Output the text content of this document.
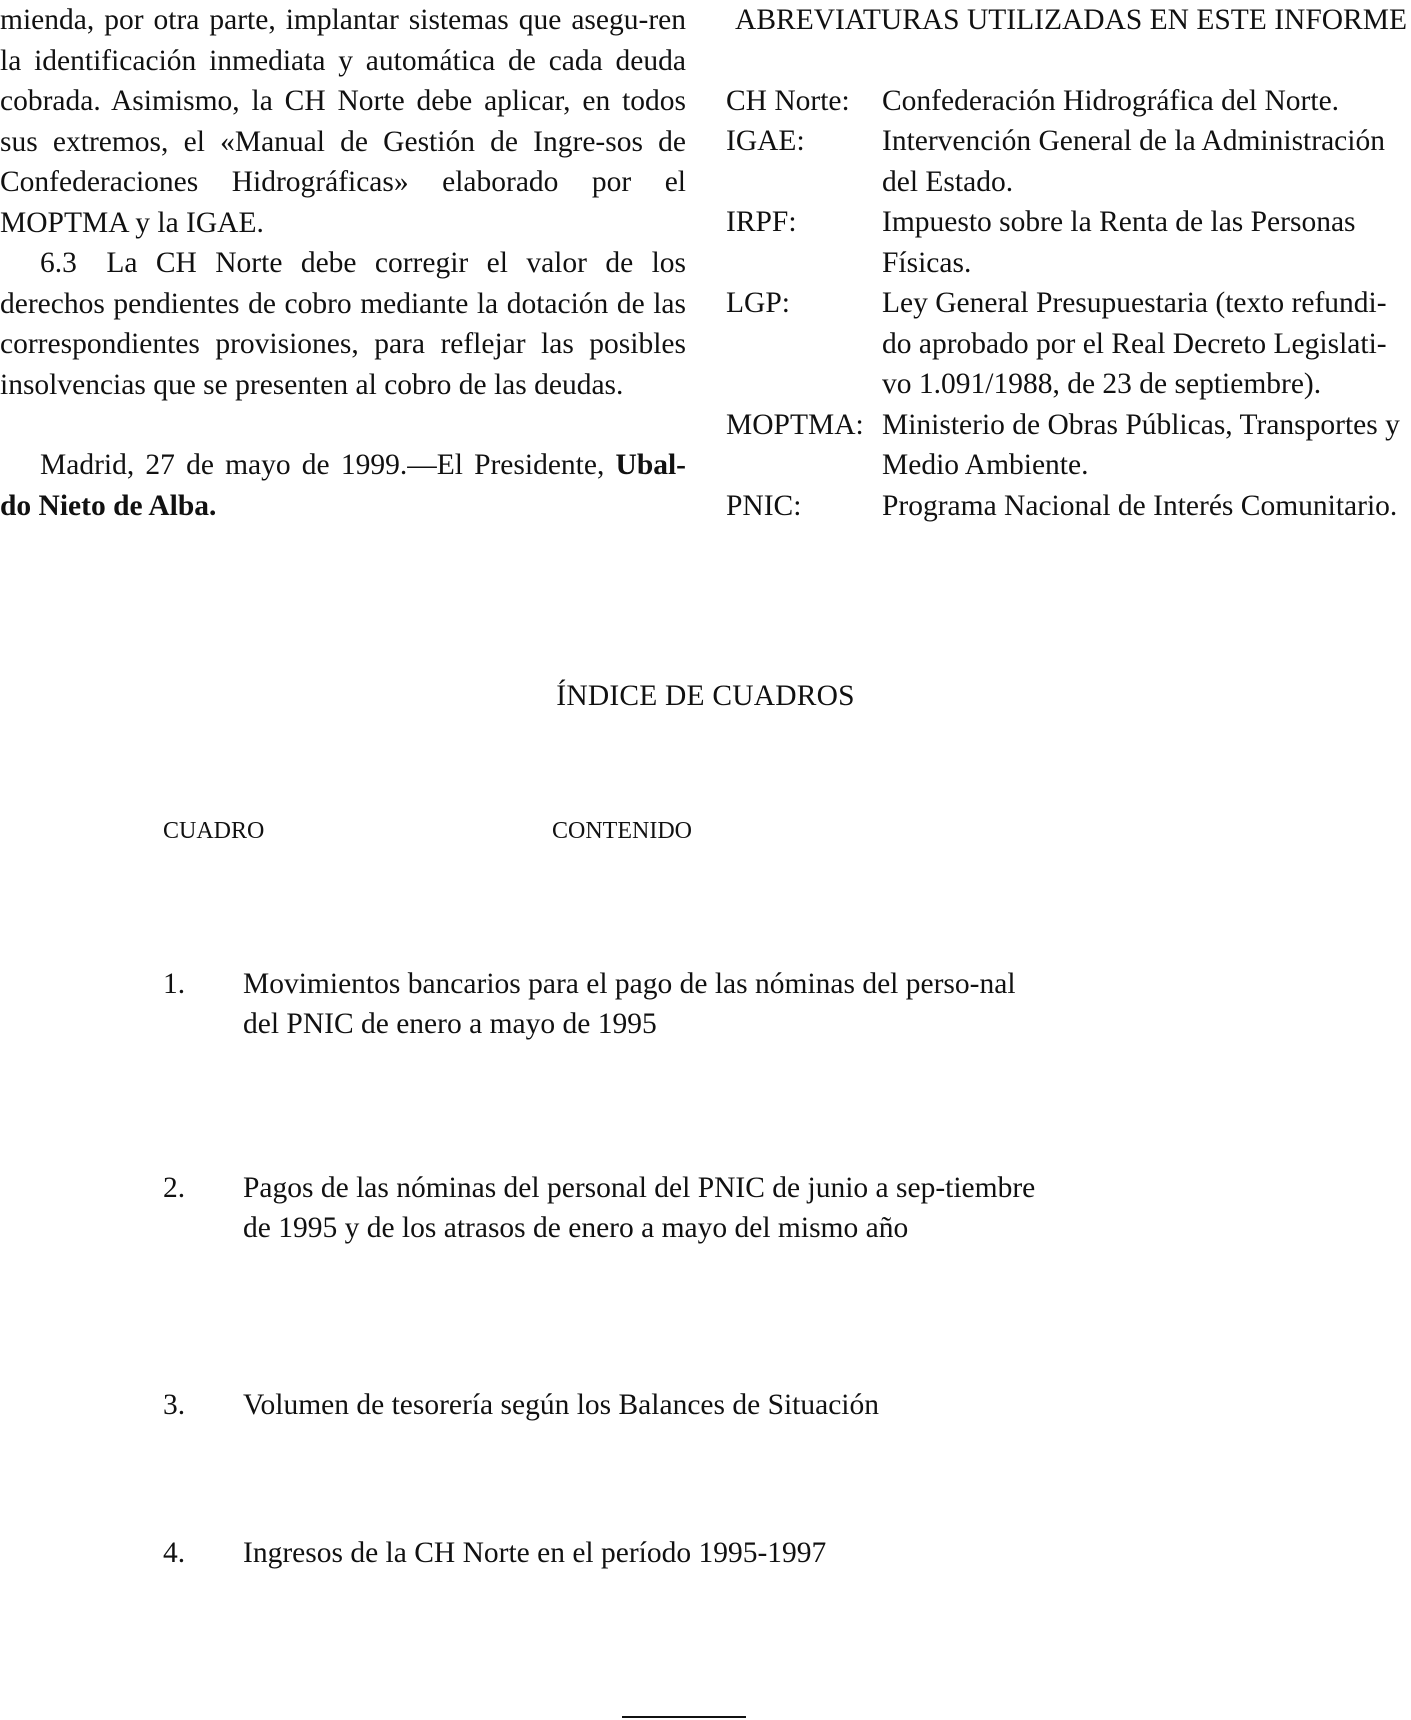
mienda, por otra parte, implantar sistemas que asegu-ren la identificación inmediata y automática de cada deuda cobrada. Asimismo, la CH Norte debe aplicar, en todos sus extremos, el «Manual de Gestión de Ingre-sos de Confederaciones Hidrográficas» elaborado por el MOPTMA y la IGAE.

6.3 La CH Norte debe corregir el valor de los derechos pendientes de cobro mediante la dotación de las correspondientes provisiones, para reflejar las posibles insolvencias que se presenten al cobro de las deudas.

Madrid, 27 de mayo de 1999.—El Presidente, Ubal-do Nieto de Alba.

ABREVIATURAS UTILIZADAS EN ESTE INFORME

CH Norte:	Confederación Hidrográfica del Norte.
IGAE:	Intervención General de la Administración del Estado.
IRPF:	Impuesto sobre la Renta de las Personas Físicas.
LGP:	Ley General Presupuestaria (texto refundi-do aprobado por el Real Decreto Legislati-vo 1.091/1988, de 23 de septiembre).
MOPTMA: Ministerio de Obras Públicas, Transportes y Medio Ambiente.
PNIC:	Programa Nacional de Interés Comunitario.
ÍNDICE DE CUADROS
CUADRO	CONTENIDO
1.	Movimientos bancarios para el pago de las nóminas del perso-nal del PNIC de enero a mayo de 1995
2.	Pagos de las nóminas del personal del PNIC de junio a sep-tiembre de 1995 y de los atrasos de enero a mayo del mismo año
3.	Volumen de tesorería según los Balances de Situación
4.	Ingresos de la CH Norte en el período 1995-1997
